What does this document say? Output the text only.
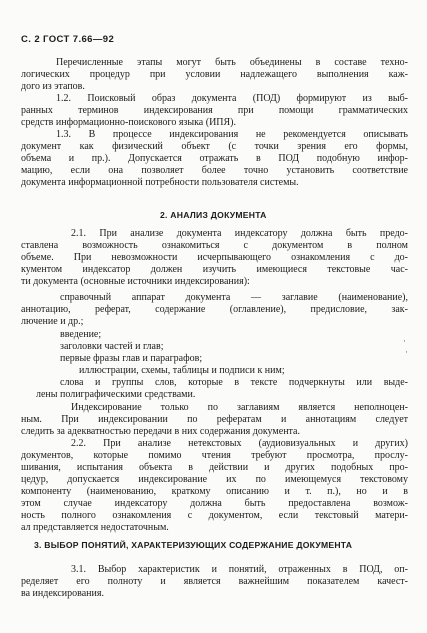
С. 2 ГОСТ 7.66—92
Перечисленные этапы могут быть объединены в составе техно-
логических процедур при условии надлежащего выполнения каж-
дого из этапов.
1.2. Поисковый образ документа (ПОД) формируют из выб-
ранных терминов индексирования при помощи грамматических
средств информационно-поискового языка (ИПЯ).
1.3. В процессе индексирования не рекомендуется описывать
документ как физический объект (с точки зрения его формы,
объема и пр.). Допускается отражать в ПОД подобную инфор-
мацию, если она позволяет более точно установить соответствие
документа информационной потребности пользователя системы.
2. АНАЛИЗ ДОКУМЕНТА
2.1. При анализе документа индексатору должна быть предо-
ставлена возможность ознакомиться с документом в полном
объеме. При невозможности исчерпывающего ознакомления с до-
кументом индексатор должен изучить имеющиеся текстовые час-
ти документа (основные источники индексирования):
справочный аппарат документа — заглавие (наименование),
аннотацию, реферат, содержание (оглавление), предисловие, зак-
лючение и др.;
введение;
заголовки частей и глав;
первые фразы глав и параграфов;
иллюстрации, схемы, таблицы и подписи к ним;
слова и группы слов, которые в тексте подчеркнуты или выде-
лены полиграфическими средствами.
Индексирование только по заглавиям является неполноцен-
ным. При индексировании по рефератам и аннотациям следует
следить за адекватностью передачи в них содержания документа.
2.2. При анализе нетекстовых (аудиовизуальных и других)
документов, которые помимо чтения требуют просмотра, прослу-
шивания, испытания объекта в действии и других подобных про-
цедур, допускается индексирование их по имеющемуся текстовому
компоненту (наименованию, краткому описанию и т. п.), но и в
этом случае индексатору должна быть предоставлена возмож-
ность полного ознакомления с документом, если текстовый матери-
ал представляется недостаточным.
3. ВЫБОР ПОНЯТИЙ, ХАРАКТЕРИЗУЮЩИХ СОДЕРЖАНИЕ ДОКУМЕНТА
3.1. Выбор характеристик и понятий, отраженных в ПОД, оп-
ределяет его полноту и является важнейшим показателем качест-
ва индексирования.
·
·
